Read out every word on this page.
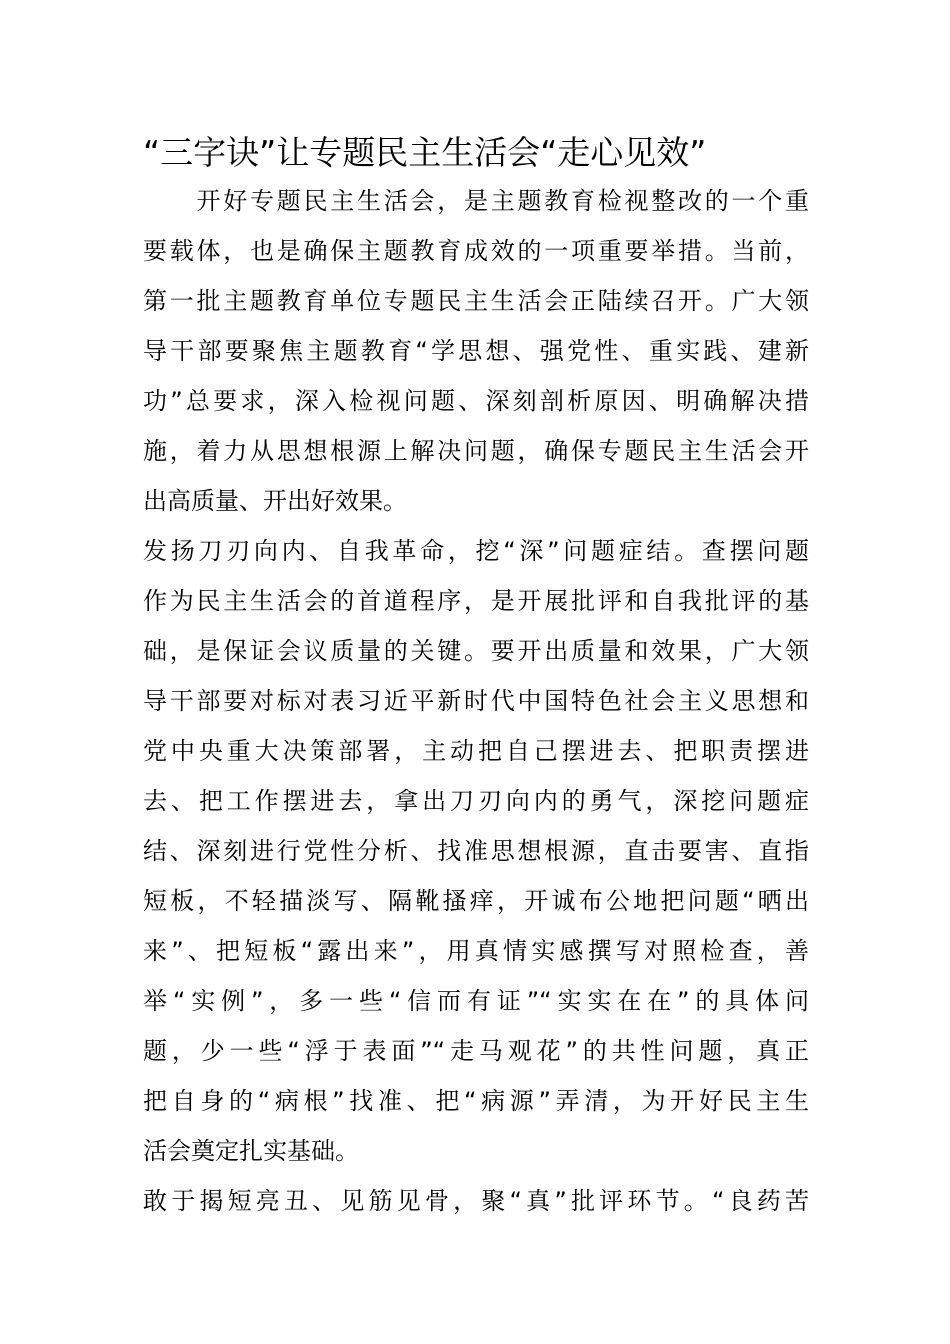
“三字诀”让专题民主生活会“走心见效”

　　开好专题民主生活会，是主题教育检视整改的一个重
要载体，也是确保主题教育成效的一项重要举措。当前，
第一批主题教育单位专题民主生活会正陆续召开。广大领
导干部要聚焦主题教育“学思想、强党性、重实践、建新
功”总要求，深入检视问题、深刻剖析原因、明确解决措
施，着力从思想根源上解决问题，确保专题民主生活会开
出高质量、开出好效果。

发扬刀刃向内、自我革命，挖“深”问题症结。查摆问题
作为民主生活会的首道程序，是开展批评和自我批评的基
础，是保证会议质量的关键。要开出质量和效果，广大领
导干部要对标对表习近平新时代中国特色社会主义思想和
党中央重大决策部署，主动把自己摆进去、把职责摆进
去、把工作摆进去，拿出刀刃向内的勇气，深挖问题症
结、深刻进行党性分析、找准思想根源，直击要害、直指
短板，不轻描淡写、隔靴搔痒，开诚布公地把问题“晒出
来”、把短板“露出来”，用真情实感撰写对照检查，善
举“实例”，多一些“信而有证”“实实在在”的具体问
题，少一些“浮于表面”“走马观花”的共性问题，真正
把自身的“病根”找准、把“病源”弄清，为开好民主生
活会奠定扎实基础。

敢于揭短亮丑、见筋见骨，聚“真”批评环节。“良药苦
